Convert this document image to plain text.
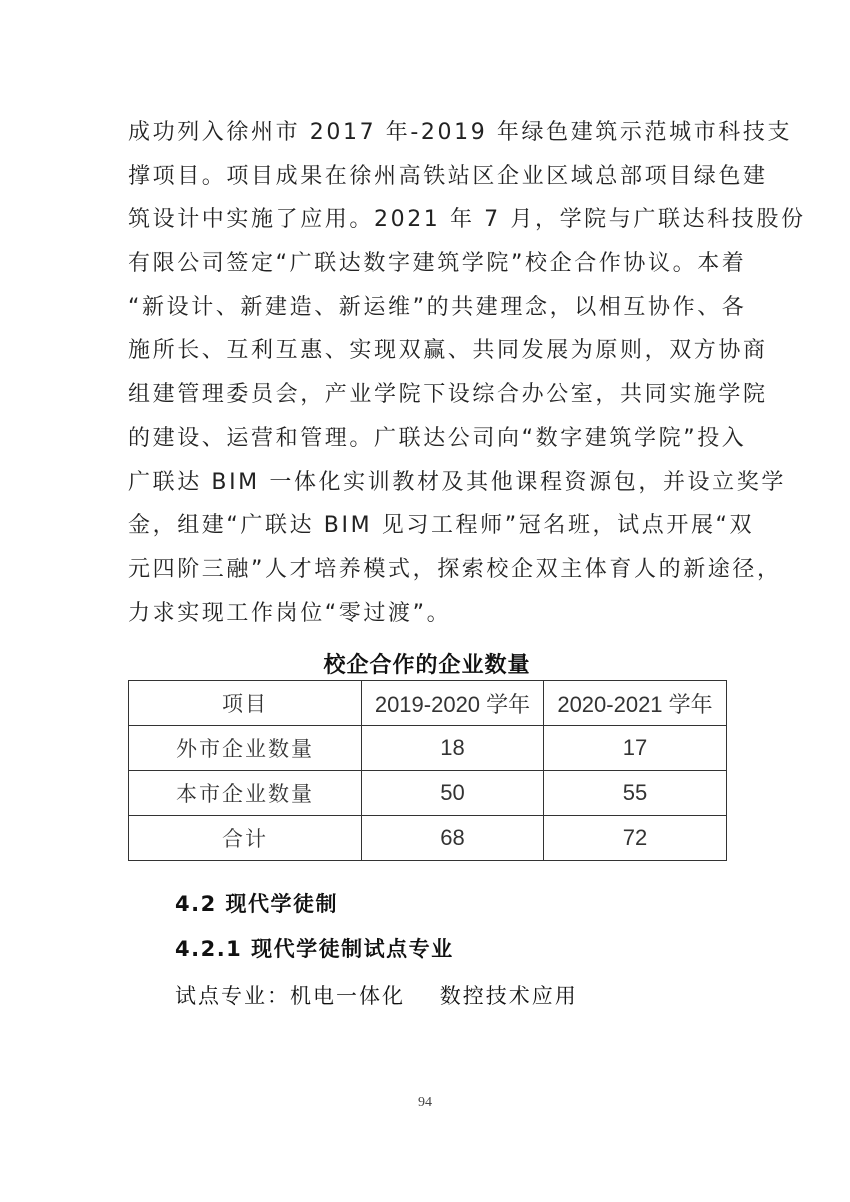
成功列入徐州市 2017 年-2019 年绿色建筑示范城市科技支
撑项目。项目成果在徐州高铁站区企业区域总部项目绿色建
筑设计中实施了应用。2021 年 7 月，学院与广联达科技股份
有限公司签定“广联达数字建筑学院”校企合作协议。本着
“新设计、新建造、新运维”的共建理念，以相互协作、各
施所长、互利互惠、实现双赢、共同发展为原则，双方协商
组建管理委员会，产业学院下设综合办公室，共同实施学院
的建设、运营和管理。广联达公司向“数字建筑学院”投入
广联达 BIM 一体化实训教材及其他课程资源包，并设立奖学
金，组建“广联达 BIM 见习工程师”冠名班，试点开展“双
元四阶三融”人才培养模式，探索校企双主体育人的新途径，
力求实现工作岗位“零过渡”。
校企合作的企业数量
项目	2019-2020 学年	2020-2021 学年
外市企业数量	18	17
本市企业数量	50	55
合计	68	72
4.2 现代学徒制
4.2.1 现代学徒制试点专业
试点专业：机电一体化    数控技术应用
94
